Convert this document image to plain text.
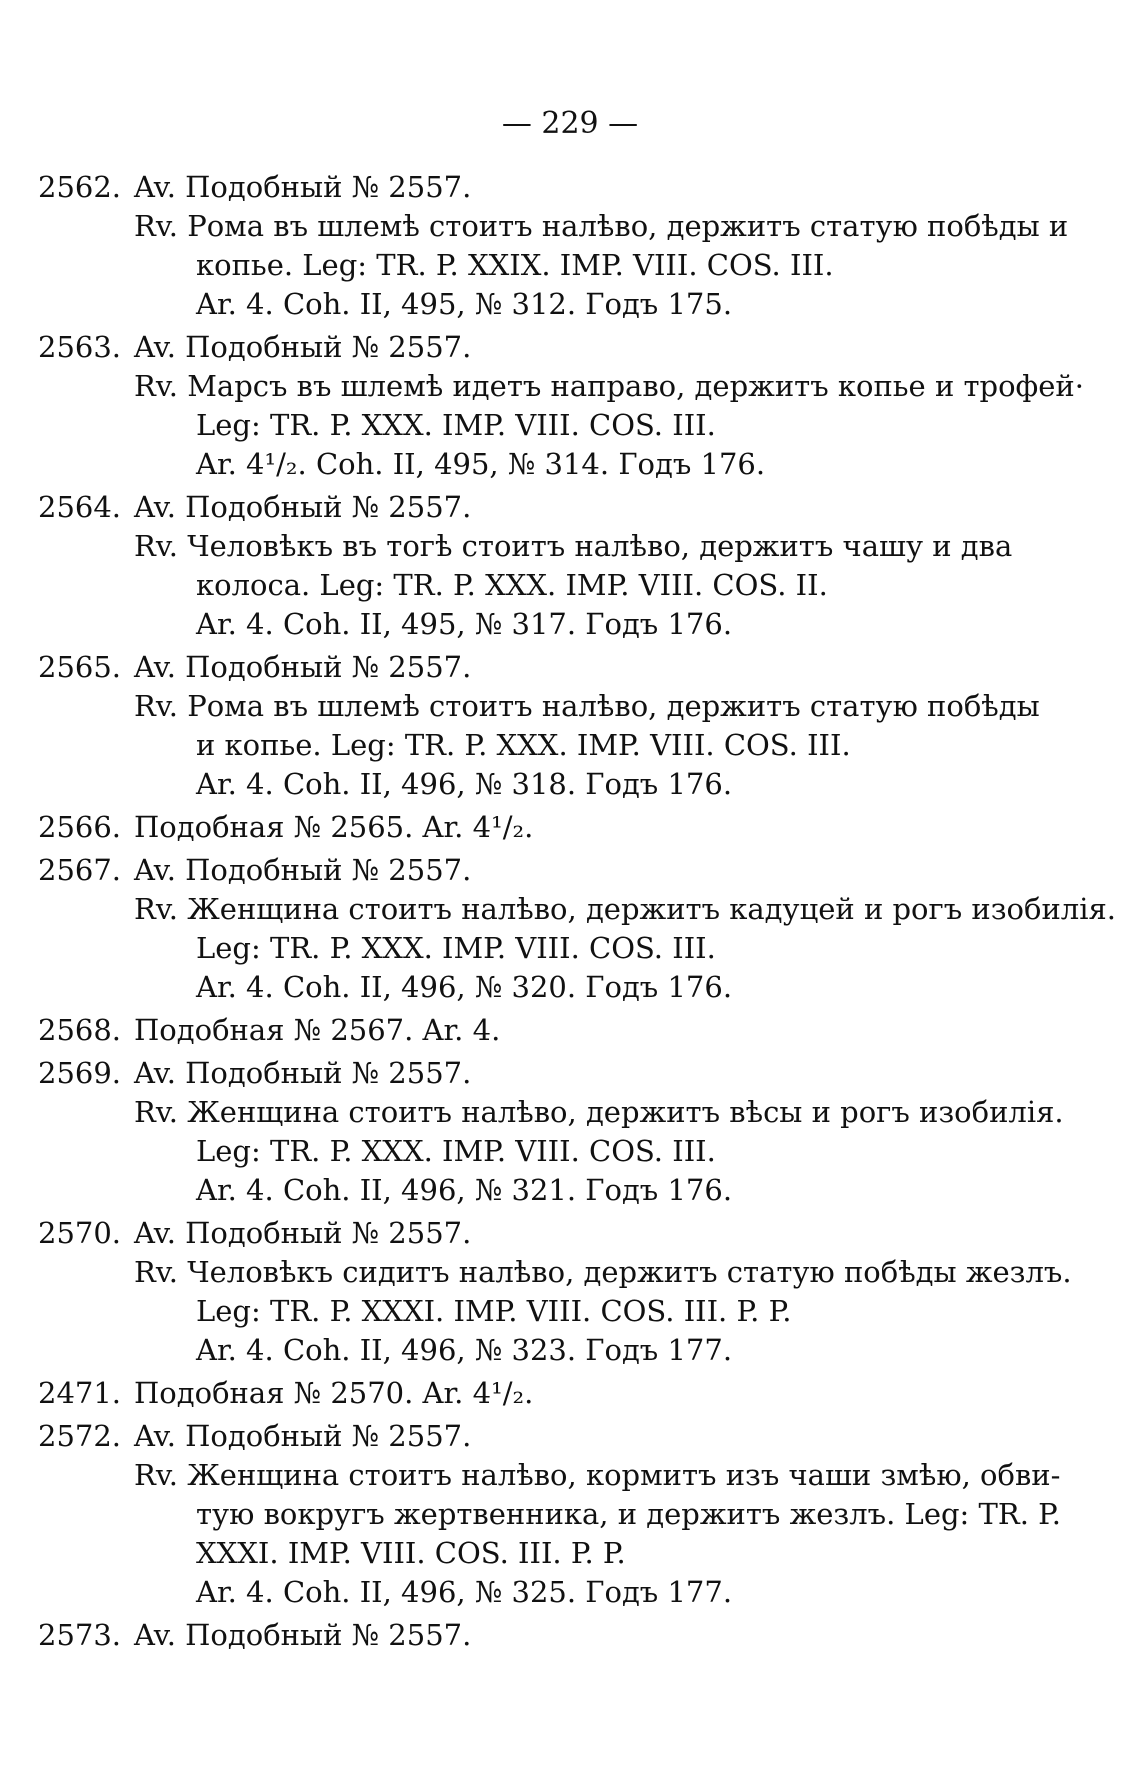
— 229 —
2562. Av. Подобный № 2557.
Rv. Рома въ шлемѣ стоитъ налѣво, держитъ статую побѣды и
копье. Leg: TR. P. XXIX. IMP. VIII. COS. III.
Ar. 4. Coh. II, 495, № 312. Годъ 175.
2563. Av. Подобный № 2557.
Rv. Марсъ въ шлемѣ идетъ направо, держитъ копье и трофей·
Leg: TR. P. XXX. IMP. VIII. COS. III.
Ar. 4¹/₂. Coh. II, 495, № 314. Годъ 176.
2564. Av. Подобный № 2557.
Rv. Человѣкъ въ тогѣ стоитъ налѣво, держитъ чашу и два
колоса. Leg: TR. P. XXX. IMP. VIII. COS. II.
Ar. 4. Coh. II, 495, № 317. Годъ 176.
2565. Av. Подобный № 2557.
Rv. Рома въ шлемѣ стоитъ налѣво, держитъ статую побѣды
и копье. Leg: TR. P. XXX. IMP. VIII. COS. III.
Ar. 4. Coh. II, 496, № 318. Годъ 176.
2566. Подобная № 2565. Ar. 4¹/₂.
2567. Av. Подобный № 2557.
Rv. Женщина стоитъ налѣво, держитъ кадуцей и рогъ изобилія.
Leg: TR. P. XXX. IMP. VIII. COS. III.
Ar. 4. Coh. II, 496, № 320. Годъ 176.
2568. Подобная № 2567. Ar. 4.
2569. Av. Подобный № 2557.
Rv. Женщина стоитъ налѣво, держитъ вѣсы и рогъ изобилія.
Leg: TR. P. XXX. IMP. VIII. COS. III.
Ar. 4. Coh. II, 496, № 321. Годъ 176.
2570. Av. Подобный № 2557.
Rv. Человѣкъ сидитъ налѣво, держитъ статую побѣды жезлъ.
Leg: TR. P. XXXI. IMP. VIII. COS. III. P. P.
Ar. 4. Coh. II, 496, № 323. Годъ 177.
2471. Подобная № 2570. Ar. 4¹/₂.
2572. Av. Подобный № 2557.
Rv. Женщина стоитъ налѣво, кормитъ изъ чаши змѣю, обви-
тую вокругъ жертвенника, и держитъ жезлъ. Leg: TR. P.
XXXI. IMP. VIII. COS. III. P. P.
Ar. 4. Coh. II, 496, № 325. Годъ 177.
2573. Av. Подобный № 2557.
